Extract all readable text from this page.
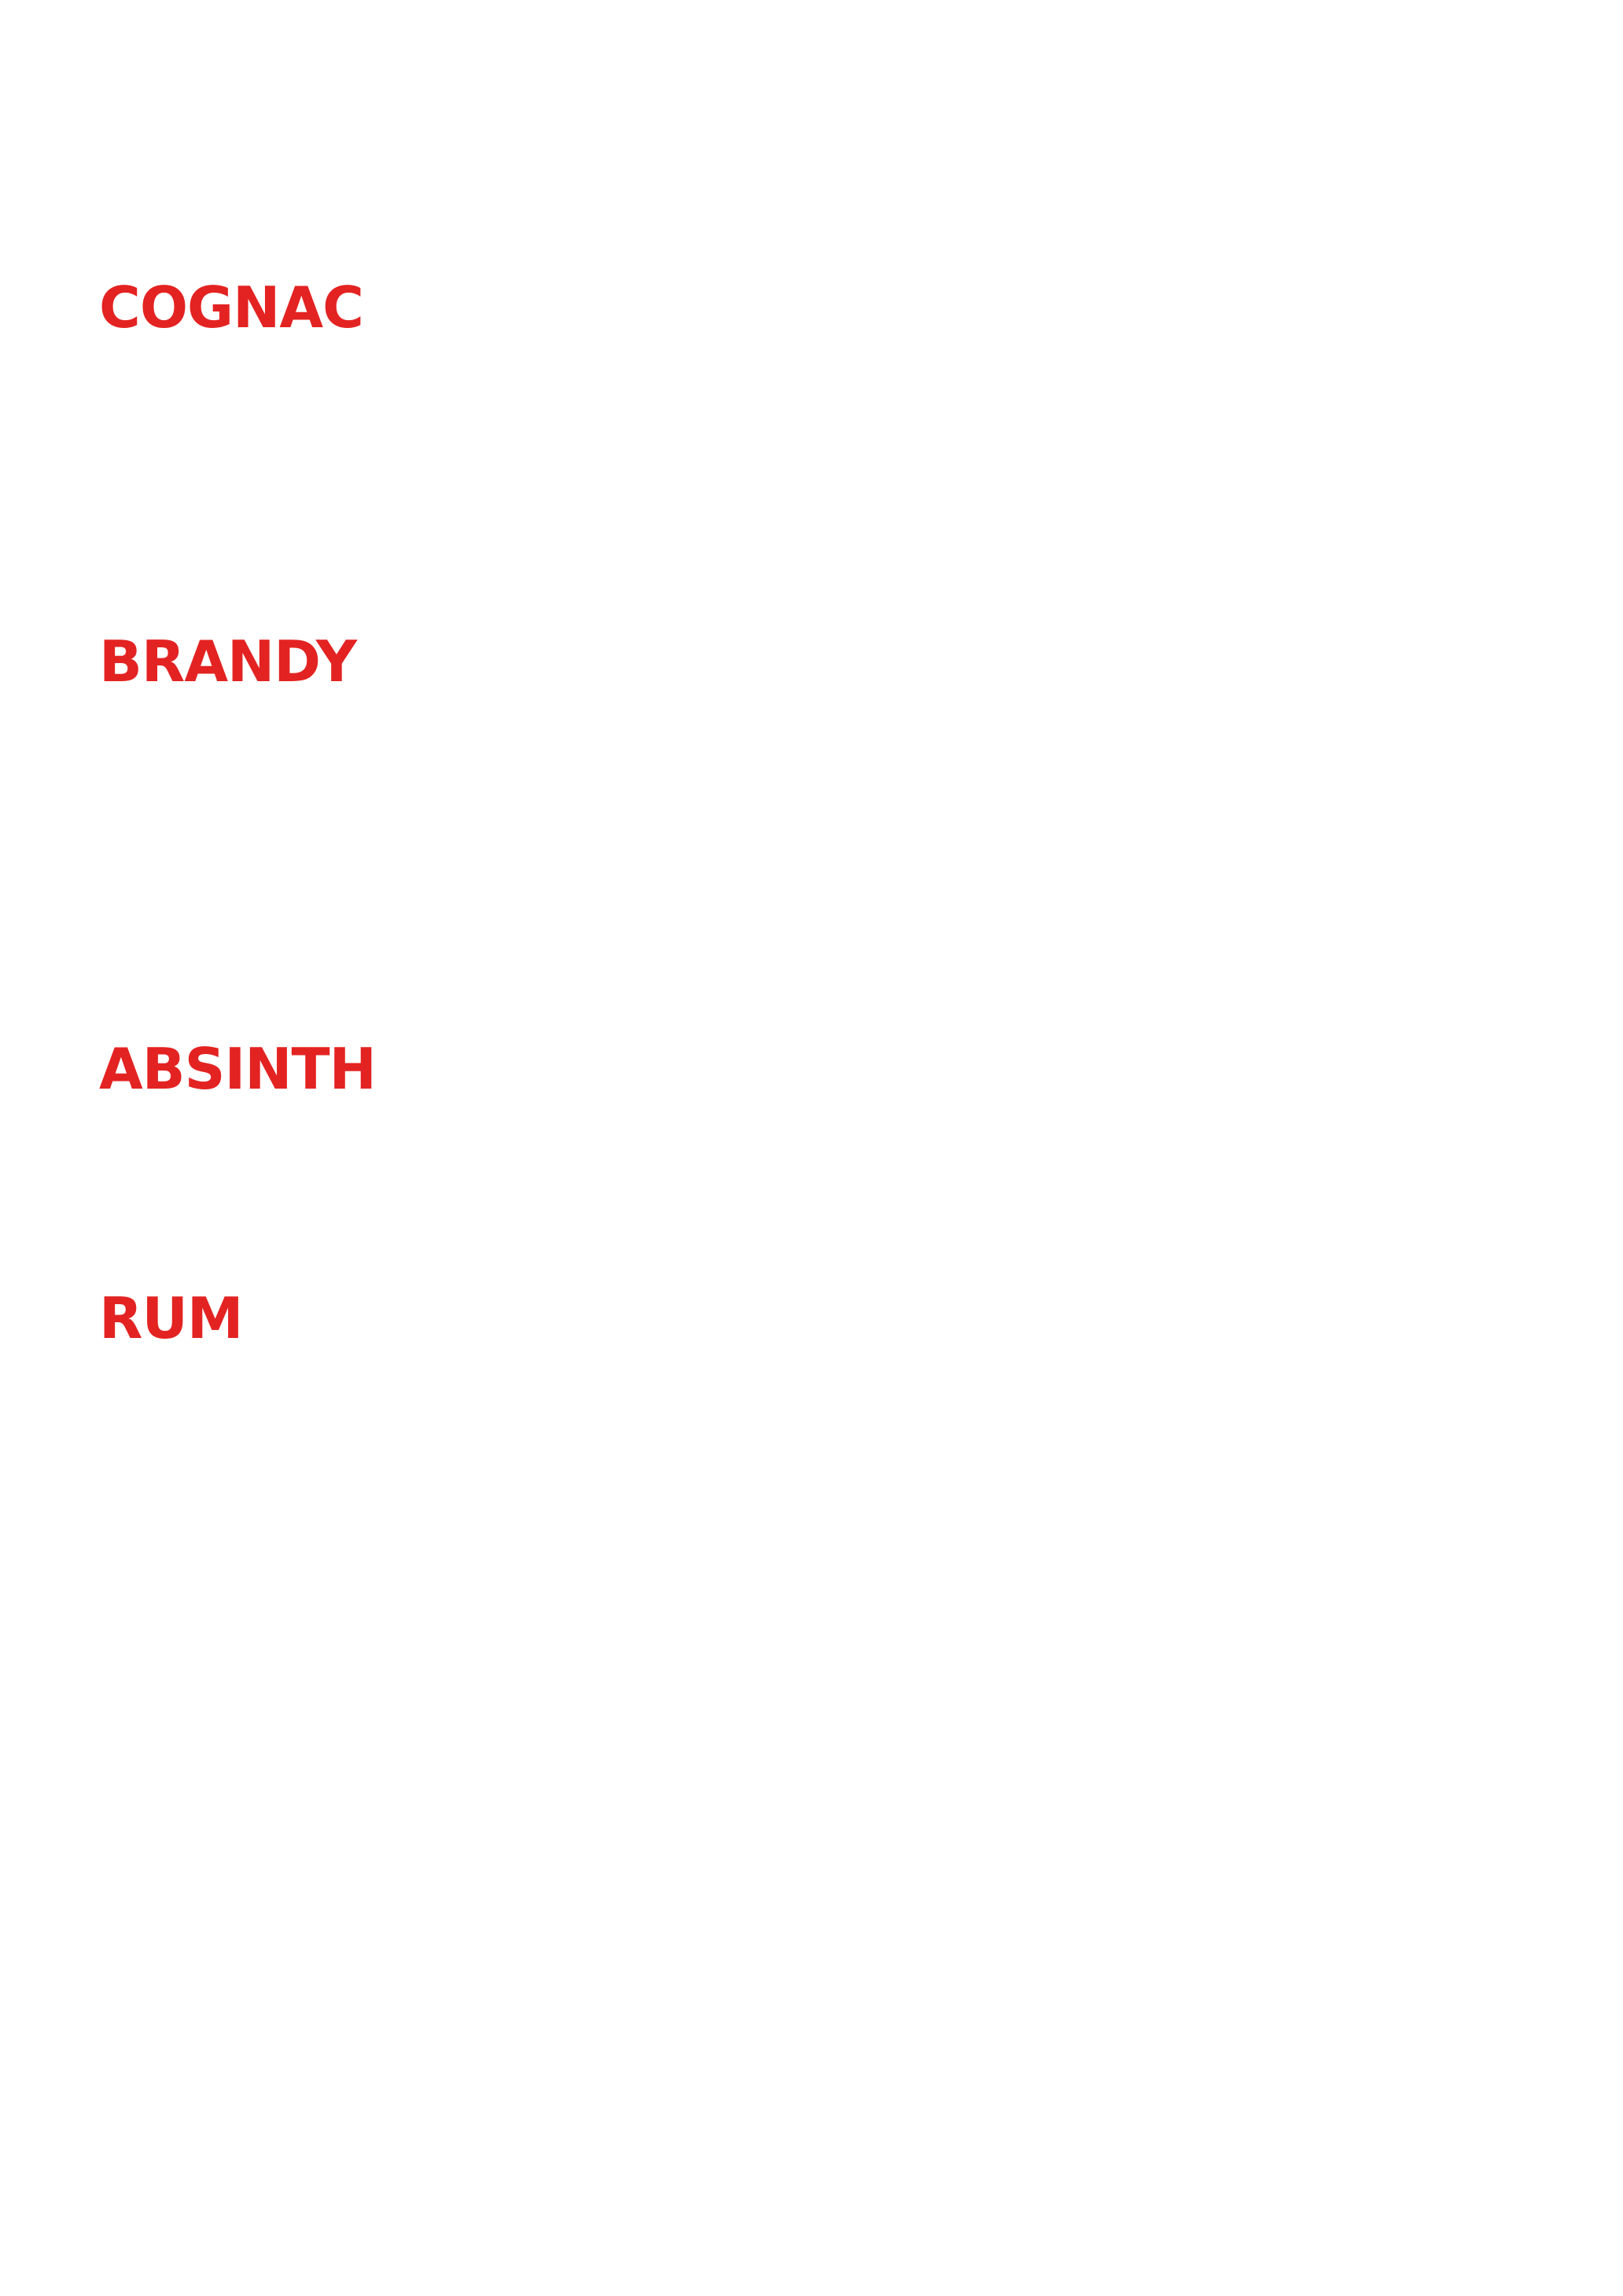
COGNAC
BRANDY
ABSINTH
RUM
